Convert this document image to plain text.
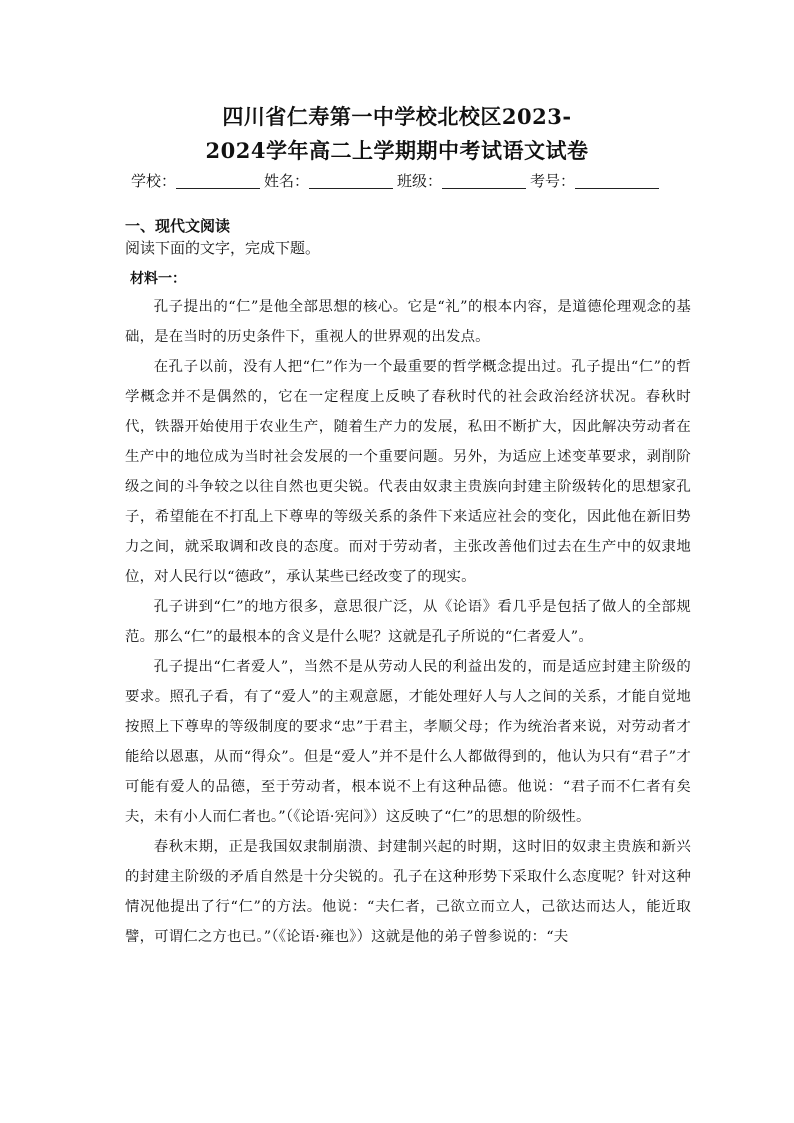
四川省仁寿第一中学校北校区2023-
2024学年高二上学期期中考试语文试卷
学校：	姓名：	班级：	考号：
一、现代文阅读
阅读下面的文字，完成下题。
材料一：

孔子提出的“仁”是他全部思想的核心。它是“礼”的根本内容，是道德伦理观念的基础，是在当时的历史条件下，重视人的世界观的出发点。

在孔子以前，没有人把“仁”作为一个最重要的哲学概念提出过。孔子提出“仁”的哲学概念并不是偶然的，它在一定程度上反映了春秋时代的社会政治经济状况。春秋时代，铁器开始使用于农业生产，随着生产力的发展，私田不断扩大，因此解决劳动者在生产中的地位成为当时社会发展的一个重要问题。另外，为适应上述变革要求，剥削阶级之间的斗争较之以往自然也更尖锐。代表由奴隶主贵族向封建主阶级转化的思想家孔子，希望能在不打乱上下尊卑的等级关系的条件下来适应社会的变化，因此他在新旧势力之间，就采取调和改良的态度。而对于劳动者，主张改善他们过去在生产中的奴隶地位，对人民行以“德政”，承认某些已经改变了的现实。

孔子讲到“仁”的地方很多，意思很广泛，从《论语》看几乎是包括了做人的全部规范。那么“仁”的最根本的含义是什么呢？这就是孔子所说的“仁者爱人”。

孔子提出“仁者爱人”，当然不是从劳动人民的利益出发的，而是适应封建主阶级的要求。照孔子看，有了“爱人”的主观意愿，才能处理好人与人之间的关系，才能自觉地按照上下尊卑的等级制度的要求“忠”于君主，孝顺父母；作为统治者来说，对劳动者才能给以恩惠，从而“得众”。但是“爱人”并不是什么人都做得到的，他认为只有“君子”才可能有爱人的品德，至于劳动者，根本说不上有这种品德。他说：“君子而不仁者有矣夫，未有小人而仁者也。”（《论语·宪问》）这反映了“仁”的思想的阶级性。

春秋末期，正是我国奴隶制崩溃、封建制兴起的时期，这时旧的奴隶主贵族和新兴的封建主阶级的矛盾自然是十分尖锐的。孔子在这种形势下采取什么态度呢？针对这种情况他提出了行“仁”的方法。他说：“夫仁者，己欲立而立人，己欲达而达人，能近取譬，可谓仁之方也已。”（《论语·雍也》）这就是他的弟子曾参说的：“夫
